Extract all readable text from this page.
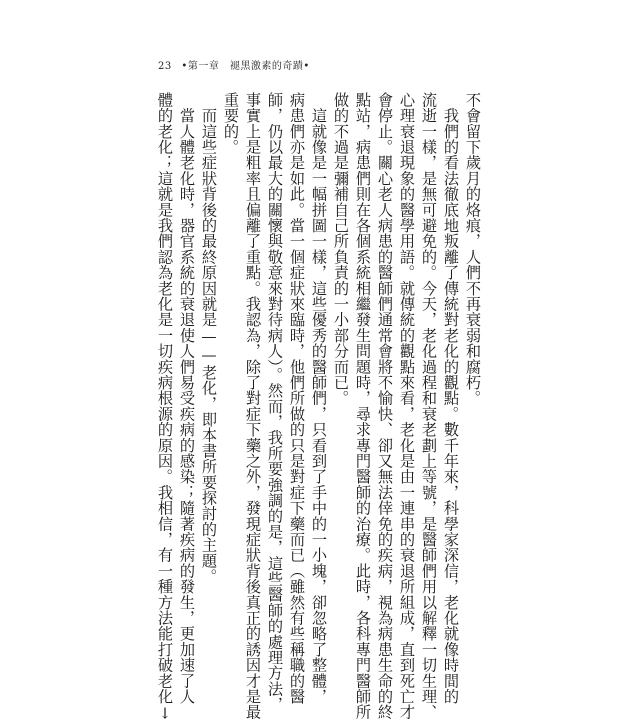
23 •第一章　褪黑激素的奇蹟•
不會留下歲月的烙痕，人們不再衰弱和腐朽。
　我們的看法徹底地叛離了傳統對老化的觀點。數千年來，科學家深信，老化就像時間的
流逝一樣，是無可避免的。今天，老化過程和衰老劃上等號，是醫師們用以解釋一切生理、
心理衰退現象的醫學用語。就傳統的觀點來看，老化是由一連串的衰退所組成，直到死亡才
會停止。關心老人病患的醫師們通常會將不愉快、卻又無法倖免的疾病，視為病患生命的終
點站，病患們則在各個系統相繼發生問題時，尋求專門醫師的治療。此時，各科專門醫師所
做的不過是彌補自己所負責的一小部分而已。
　這就像是一幅拼圖一樣，這些優秀的醫師們，只看到了手中的一小塊，卻忽略了整體，
病患們亦是如此。當一個症狀來臨時，他們所做的只是對症下藥而已（雖然有些稱職的醫
師，仍以最大的關懷與敬意來對待病人）。然而，我所要強調的是，這些醫師的處理方法，
事實上是粗率且偏離了重點。我認為，除了對症下藥之外，發現症狀背後真正的誘因才是最
重要的。
　而這些症狀背後的最終原因就是——老化，即本書所要探討的主題。
　當人體老化時，器官系統的衰退使人們易受疾病的感染；隨著疾病的發生，更加速了人
體的老化；這就是我們認為老化是一切疾病根源的原因。我相信，有一種方法能打破老化↓
